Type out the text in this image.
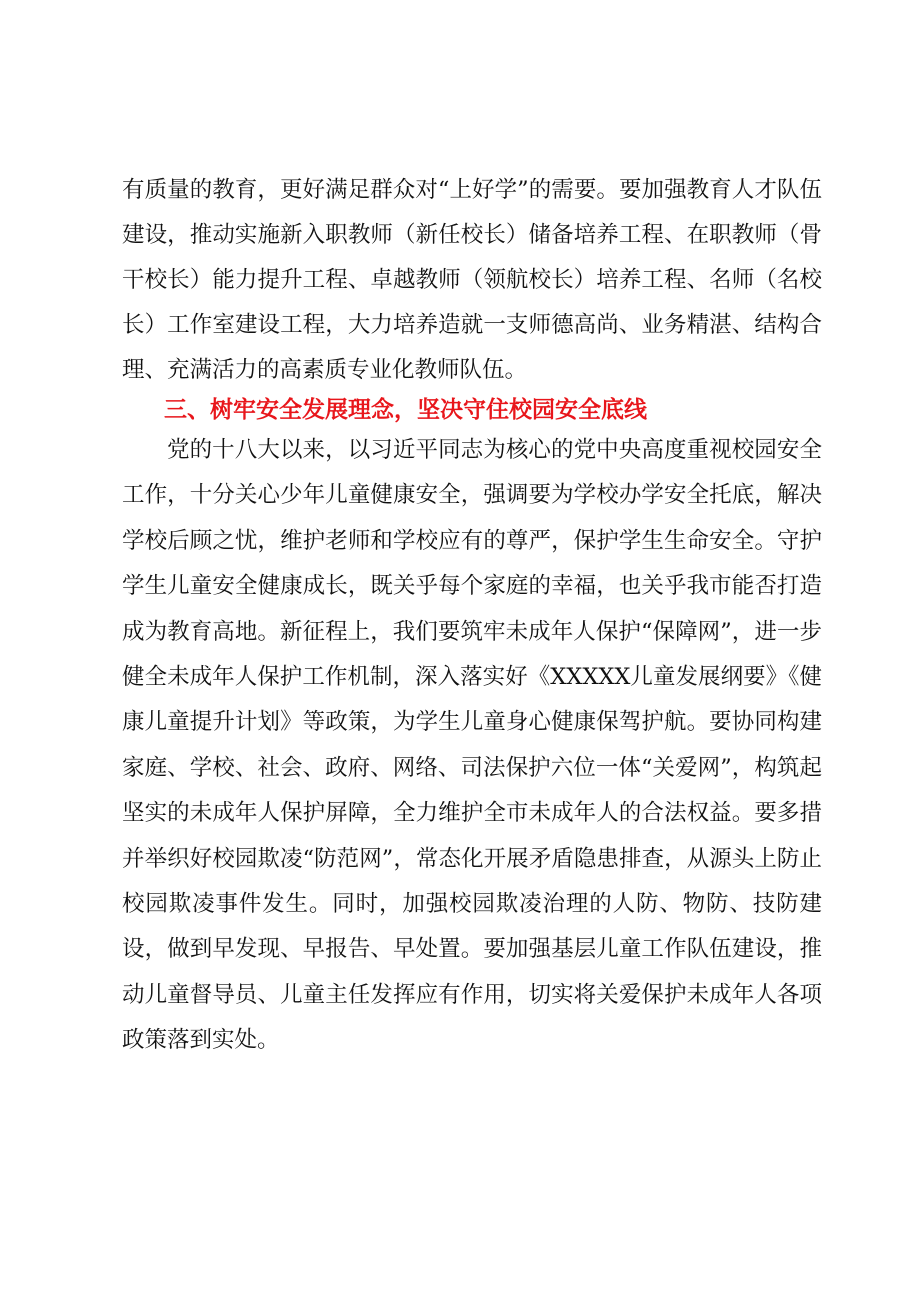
有质量的教育，更好满足群众对“上好学”的需要。要加强教育人才队伍建设，推动实施新入职教师（新任校长）储备培养工程、在职教师（骨干校长）能力提升工程、卓越教师（领航校长）培养工程、名师（名校长）工作室建设工程，大力培养造就一支师德高尚、业务精湛、结构合理、充满活力的高素质专业化教师队伍。

三、树牢安全发展理念，坚决守住校园安全底线

党的十八大以来，以习近平同志为核心的党中央高度重视校园安全工作，十分关心少年儿童健康安全，强调要为学校办学安全托底，解决学校后顾之忧，维护老师和学校应有的尊严，保护学生生命安全。守护学生儿童安全健康成长，既关乎每个家庭的幸福，也关乎我市能否打造成为教育高地。新征程上，我们要筑牢未成年人保护“保障网”，进一步健全未成年人保护工作机制，深入落实好《XXXXX儿童发展纲要》《健康儿童提升计划》等政策，为学生儿童身心健康保驾护航。要协同构建家庭、学校、社会、政府、网络、司法保护六位一体“关爱网”，构筑起坚实的未成年人保护屏障，全力维护全市未成年人的合法权益。要多措并举织好校园欺凌“防范网”，常态化开展矛盾隐患排查，从源头上防止校园欺凌事件发生。同时，加强校园欺凌治理的人防、物防、技防建设，做到早发现、早报告、早处置。要加强基层儿童工作队伍建设，推动儿童督导员、儿童主任发挥应有作用，切实将关爱保护未成年人各项政策落到实处。
